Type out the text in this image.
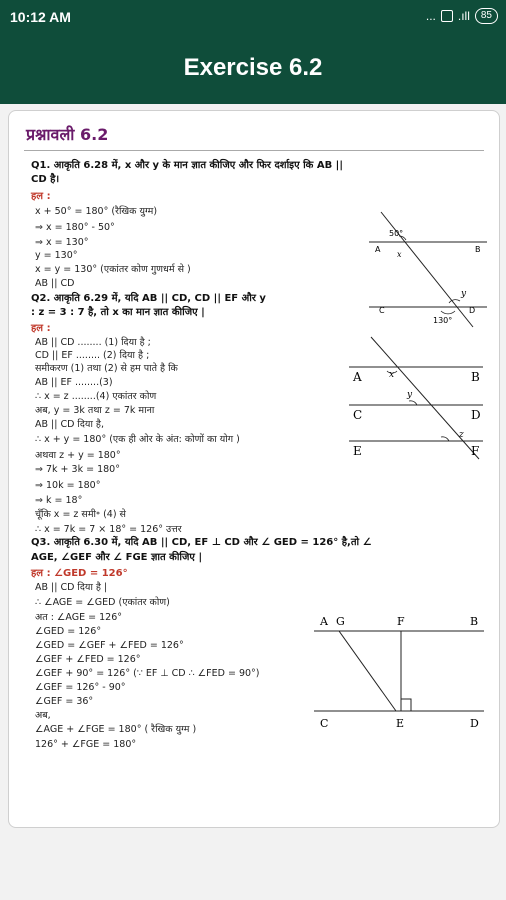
10:12 AM	... .ıll	85
Exercise 6.2
प्रश्नावली 6.2
Q1. आकृति 6.28 में, x और y के मान ज्ञात कीजिए और फिर दर्शाइए कि AB ||
CD है।
हल :
x + 50° = 180° (रैखिक युग्म)
⇒ x = 180° - 50°
⇒ x = 130°
y = 130°
x = y = 130° (एकांतर कोण गुणधर्म से )
AB || CD
Q2. आकृति 6.29 में, यदि AB || CD, CD || EF और y
: z = 3 : 7 है, तो x का मान ज्ञात कीजिए |
हल :
AB || CD ........ (1) दिया है ;
CD || EF ........ (2) दिया है ;
समीकरण (1) तथा (2) से हम पाते है कि
AB || EF ........(3)
∴ x = z ........(4) एकांतर कोण
अब, y = 3k तथा z = 7k माना
AB || CD दिया है,
∴ x + y = 180° (एक ही ओर के अंत: कोणों का योग )
अथवा z + y = 180°
⇒ 7k + 3k = 180°
⇒ 10k = 180°
⇒ k = 18°
चूँकि x = z समी॰ (4) से
∴ x = 7k = 7 × 18° = 126° उत्तर
Q3. आकृति 6.30 में, यदि AB || CD, EF ⊥ CD और ∠ GED = 126° है,तो ∠
AGE, ∠GEF और ∠ FGE ज्ञात कीजिए |
हल : ∠GED = 126°
AB || CD दिया है |
∴ ∠AGE = ∠GED (एकांतर कोण)
अत : ∠AGE = 126°
∠GED = 126°
∠GED = ∠GEF + ∠FED = 126°
∠GEF + ∠FED = 126°
∠GEF + 90° = 126° (∵ EF ⊥ CD ∴ ∠FED = 90°)
∠GEF = 126° - 90°
∠GEF = 36°
अब,
∠AGE + ∠FGE = 180° ( रैखिक युग्म )
126° + ∠FGE = 180°
50°
A	B
x
y
C	D
130°
A	B
x
y
C	D
z
E	F
A G	F	B
C	E	D
